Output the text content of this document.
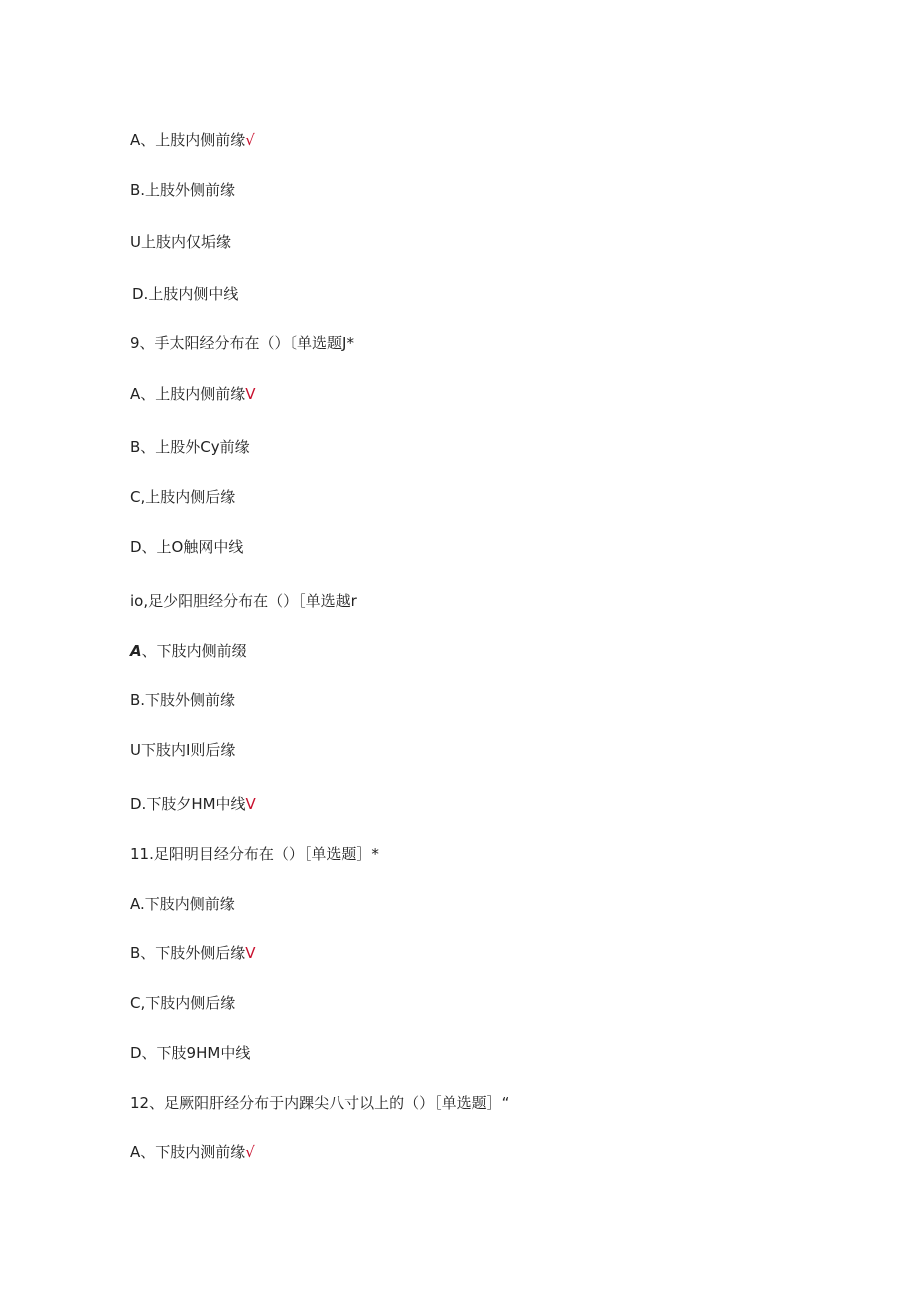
A、上肢内侧前缘√
B.上肢外侧前缘
U上肢内仅垢缘
D.上肢内侧中线
9、手太阳经分布在（）〔单选题J*
A、上肢内侧前缘V
B、上股外Cy前缘
C,上肢内侧后缘
D、上O触网中线
io,足少阳胆经分布在（）［单选越r
A、下肢内侧前缀
B.下肢外侧前缘
U下肢内I则后缘
D.下肢夕HM中线V
11.足阳明目经分布在（）［单选题］*
A.下肢内侧前缘
B、下肢外侧后缘V
C,下肢内侧后缘
D、下肢9HM中线
12、足厥阳肝经分布于内踝尖八寸以上的（）［单选题］“
A、下肢内测前缘√
